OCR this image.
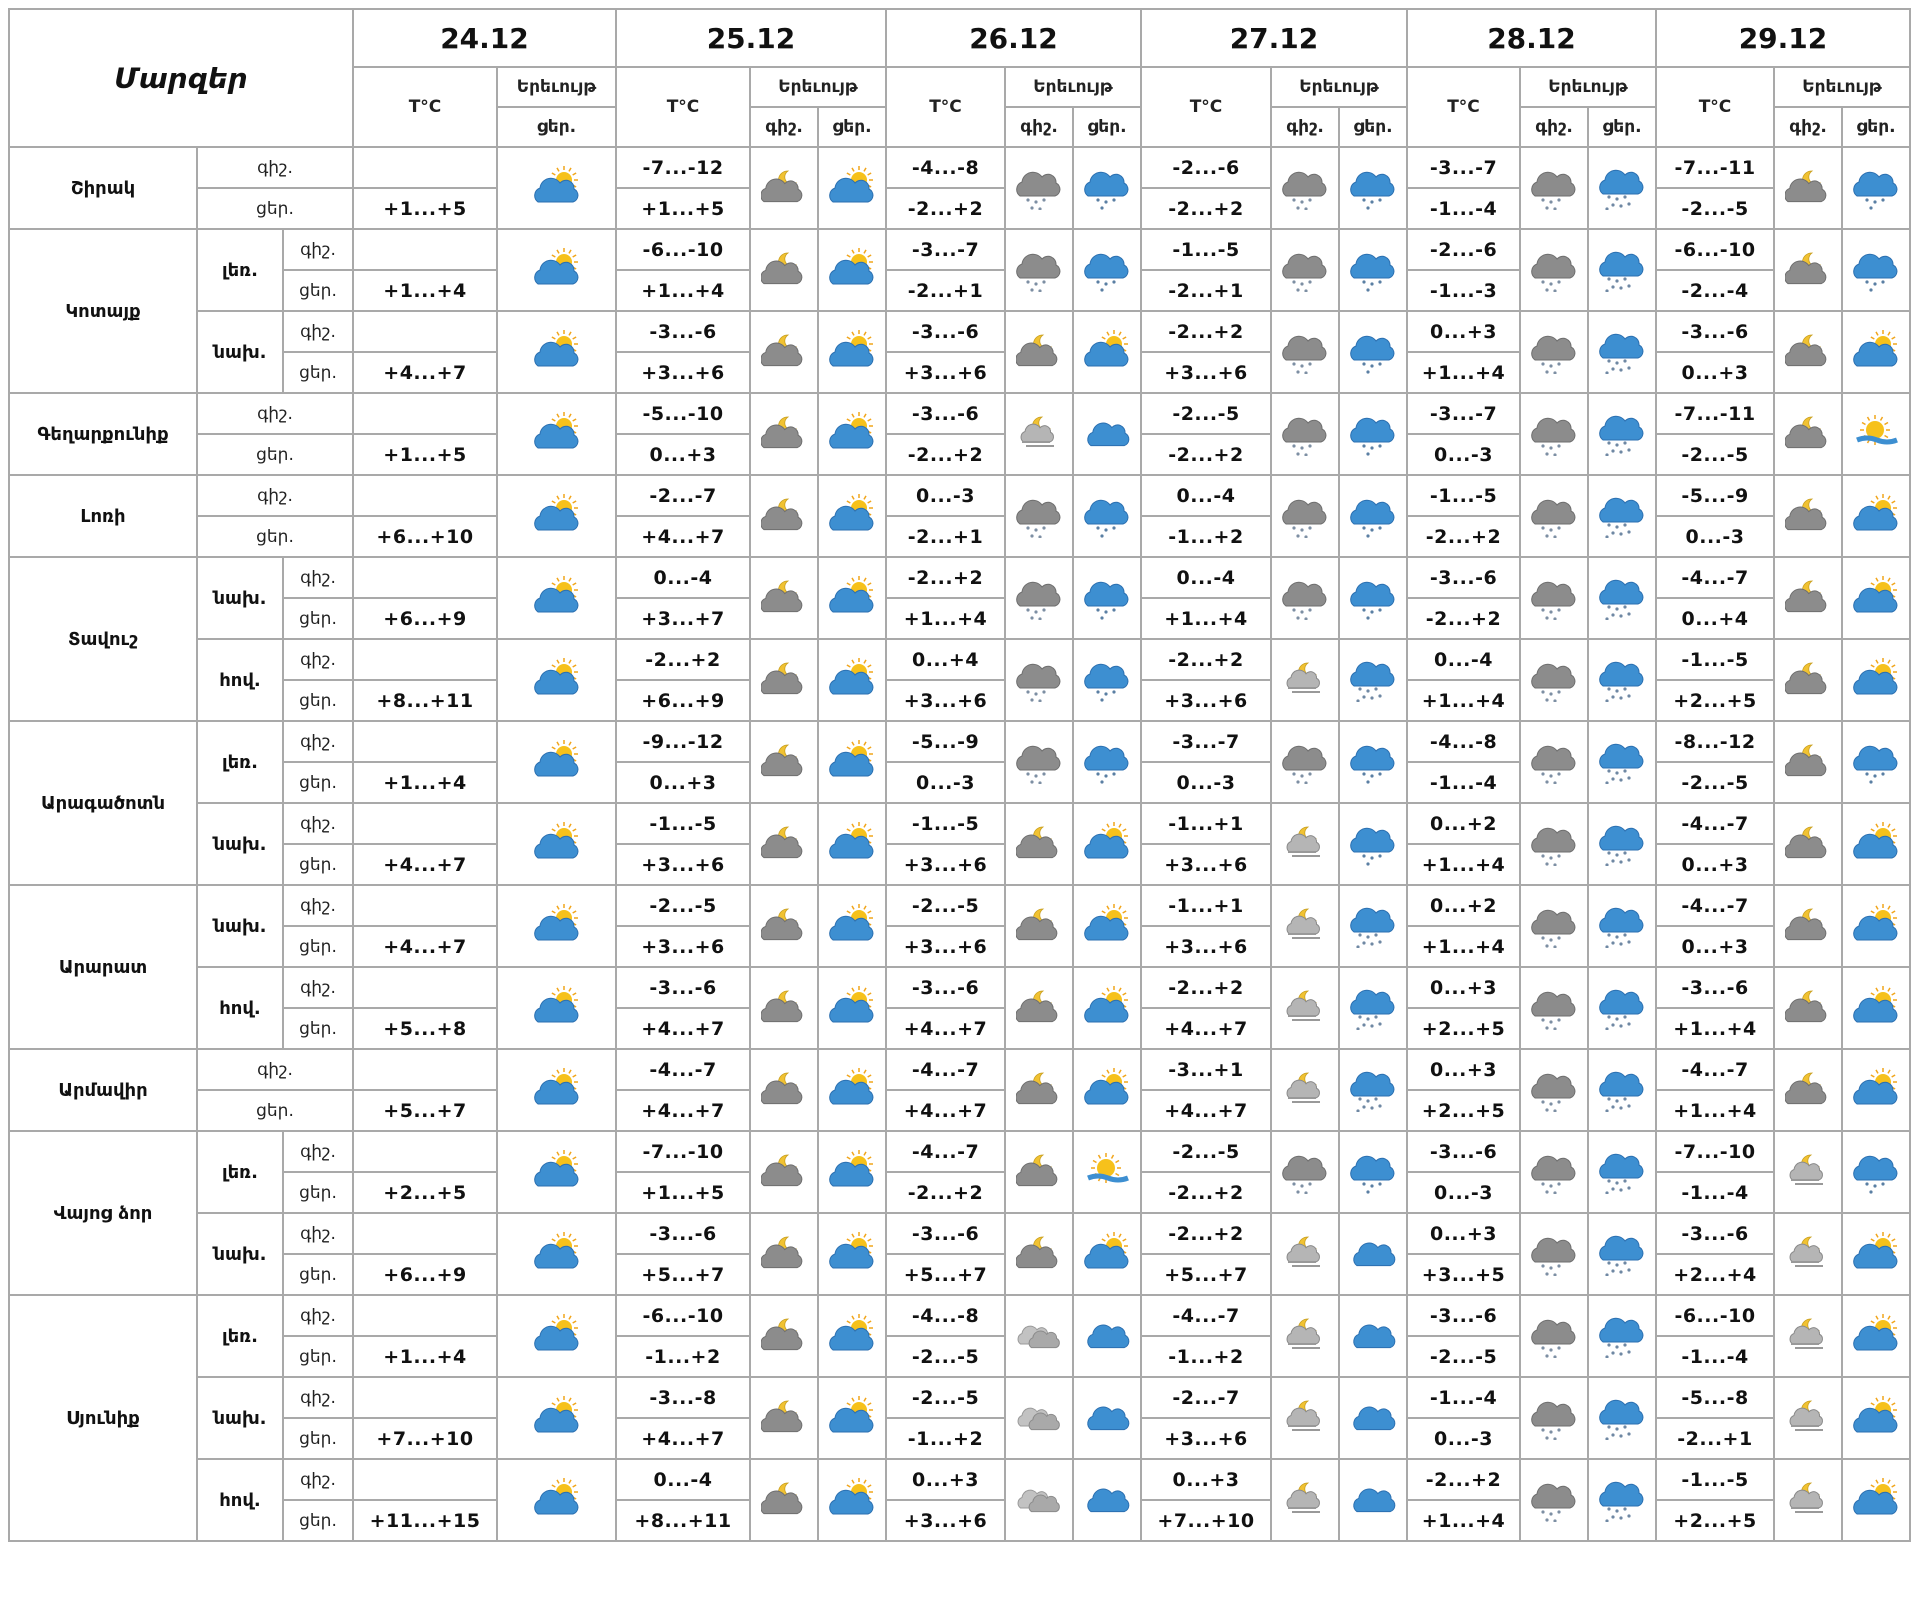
Մարզեր			24.12		25.12			26.12			27.12			28.12			29.12		
			T°C	Երեւույթ	T°C	Երեւույթ		T°C	Երեւույթ		T°C	Երեւույթ		T°C	Երեւույթ		T°C	Երեւույթ	
				ցեր.		գիշ.	ցեր.		գիշ.	ցեր.		գիշ.	ցեր.		գիշ.	ցեր.		գիշ.	ցեր.
Շիրակ	գիշ.				-7...-12			-4...-8			-2...-6			-3...-7			-7...-11		
	ցեր.		+1...+5		+1...+5			-2...+2			-2...+2			-1...-4			-2...-5		
Կոտայք	լեռ.	գիշ.			-6...-10			-3...-7			-1...-5			-2...-6			-6...-10		
		ցեր.	+1...+4		+1...+4			-2...+1			-2...+1			-1...-3			-2...-4		
	նախ.	գիշ.			-3...-6			-3...-6			-2...+2			0...+3			-3...-6		
		ցեր.	+4...+7		+3...+6			+3...+6			+3...+6			+1...+4			0...+3		
Գեղարքունիք	գիշ.				-5...-10			-3...-6			-2...-5			-3...-7			-7...-11		
	ցեր.		+1...+5		0...+3			-2...+2			-2...+2			0...-3			-2...-5		
Լոռի	գիշ.				-2...-7			0...-3			0...-4			-1...-5			-5...-9		
	ցեր.		+6...+10		+4...+7			-2...+1			-1...+2			-2...+2			0...-3		
Տավուշ	նախ.	գիշ.			0...-4			-2...+2			0...-4			-3...-6			-4...-7		
		ցեր.	+6...+9		+3...+7			+1...+4			+1...+4			-2...+2			0...+4		
	հով.	գիշ.			-2...+2			0...+4			-2...+2			0...-4			-1...-5		
		ցեր.	+8...+11		+6...+9			+3...+6			+3...+6			+1...+4			+2...+5		
Արագածոտն	լեռ.	գիշ.			-9...-12			-5...-9			-3...-7			-4...-8			-8...-12		
		ցեր.	+1...+4		0...+3			0...-3			0...-3			-1...-4			-2...-5		
	նախ.	գիշ.			-1...-5			-1...-5			-1...+1			0...+2			-4...-7		
		ցեր.	+4...+7		+3...+6			+3...+6			+3...+6			+1...+4			0...+3		
Արարատ	նախ.	գիշ.			-2...-5			-2...-5			-1...+1			0...+2			-4...-7		
		ցեր.	+4...+7		+3...+6			+3...+6			+3...+6			+1...+4			0...+3		
	հով.	գիշ.			-3...-6			-3...-6			-2...+2			0...+3			-3...-6		
		ցեր.	+5...+8		+4...+7			+4...+7			+4...+7			+2...+5			+1...+4		
Արմավիր	գիշ.				-4...-7			-4...-7			-3...+1			0...+3			-4...-7		
	ցեր.		+5...+7		+4...+7			+4...+7			+4...+7			+2...+5			+1...+4		
Վայոց ձոր	լեռ.	գիշ.			-7...-10			-4...-7			-2...-5			-3...-6			-7...-10		
		ցեր.	+2...+5		+1...+5			-2...+2			-2...+2			0...-3			-1...-4		
	նախ.	գիշ.			-3...-6			-3...-6			-2...+2			0...+3			-3...-6		
		ցեր.	+6...+9		+5...+7			+5...+7			+5...+7			+3...+5			+2...+4		
Սյունիք	լեռ.	գիշ.			-6...-10			-4...-8			-4...-7			-3...-6			-6...-10		
		ցեր.	+1...+4		-1...+2			-2...-5			-1...+2			-2...-5			-1...-4		
	նախ.	գիշ.			-3...-8			-2...-5			-2...-7			-1...-4			-5...-8		
		ցեր.	+7...+10		+4...+7			-1...+2			+3...+6			0...-3			-2...+1		
	հով.	գիշ.			0...-4			0...+3			0...+3			-2...+2			-1...-5		
		ցեր.	+11...+15		+8...+11			+3...+6			+7...+10			+1...+4			+2...+5		
